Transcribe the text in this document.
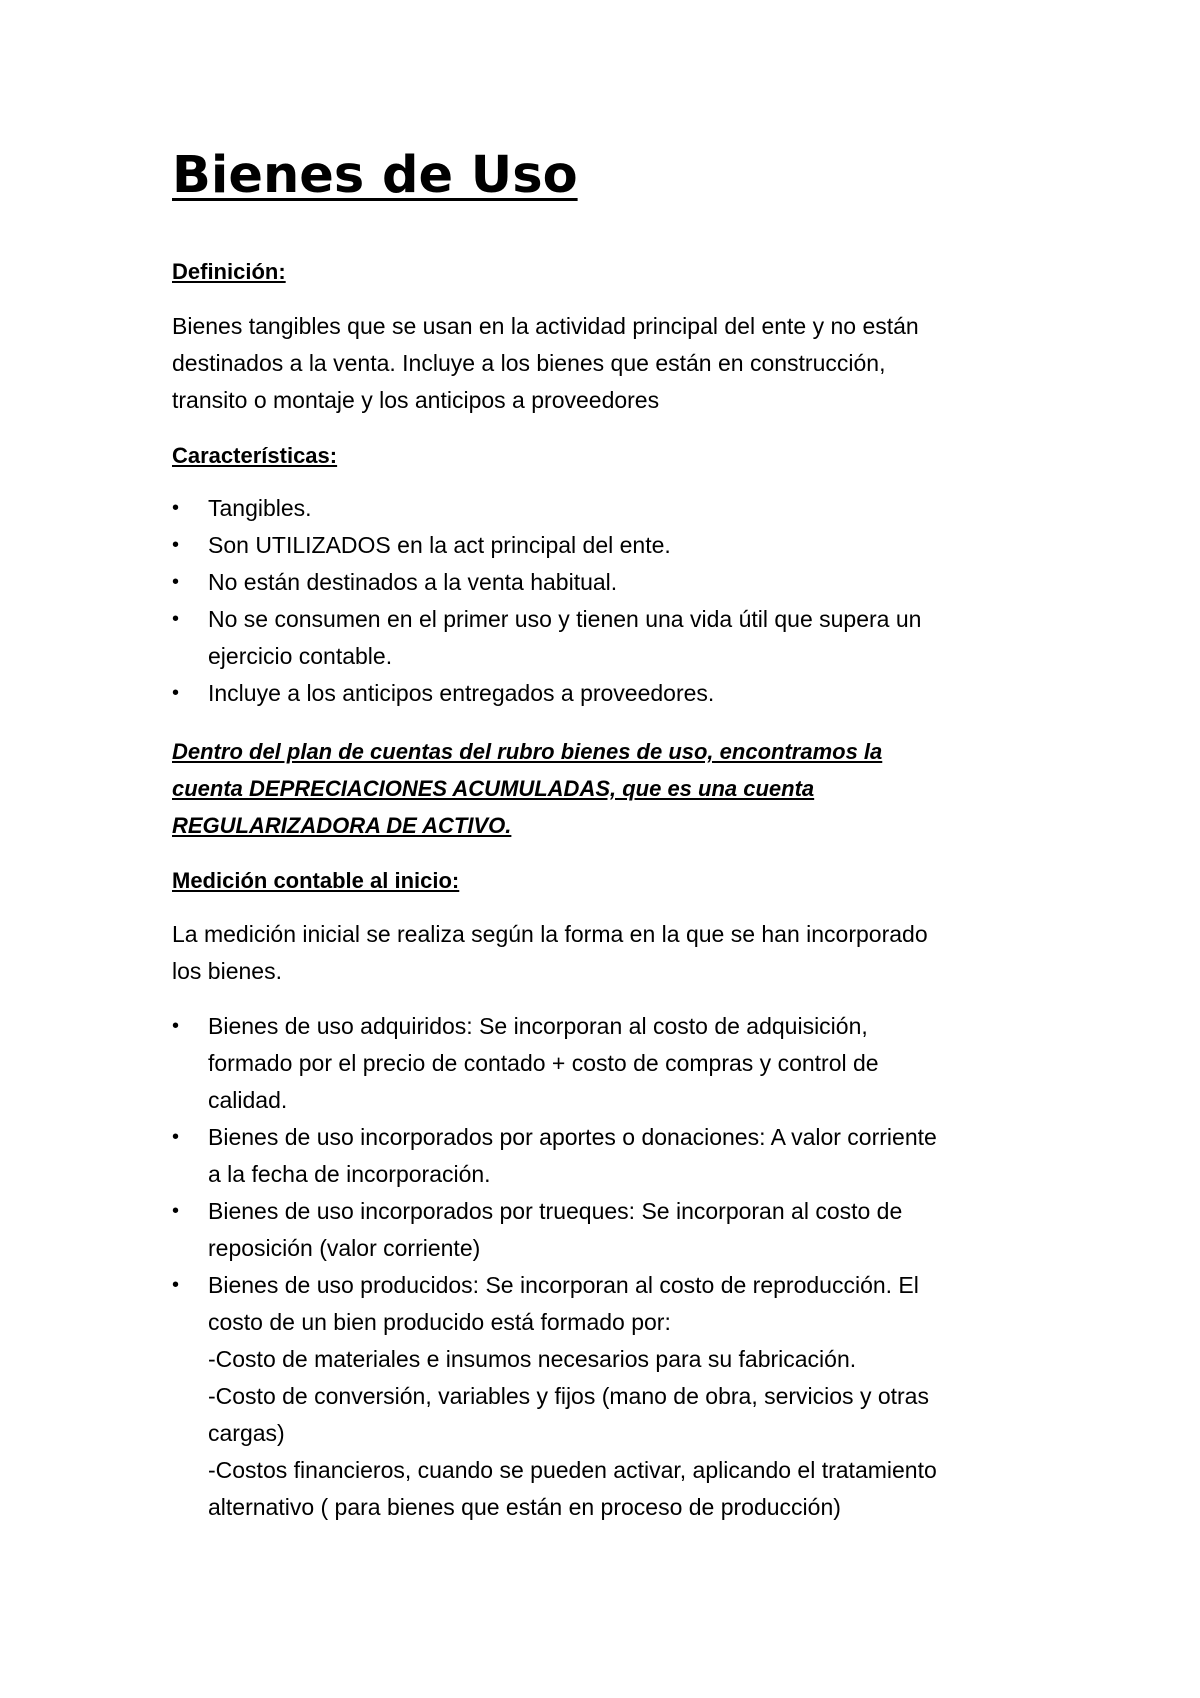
Bienes de Uso
Definición:
Bienes tangibles que se usan en la actividad principal del ente y no están
destinados a la venta. Incluye a los bienes que están en construcción,
transito o montaje y los anticipos a proveedores
Características:
•	Tangibles.
•	Son UTILIZADOS en la act principal del ente.
•	No están destinados a la venta habitual.
•	No se consumen en el primer uso y tienen una vida útil que supera un
ejercicio contable.
•	Incluye a los anticipos entregados a proveedores.
Dentro del plan de cuentas del rubro bienes de uso, encontramos la
cuenta DEPRECIACIONES ACUMULADAS, que es una cuenta
REGULARIZADORA DE ACTIVO.
Medición contable al inicio:
La medición inicial se realiza según la forma en la que se han incorporado
los bienes.
•	Bienes de uso adquiridos: Se incorporan al costo de adquisición,
formado por el precio de contado + costo de compras y control de
calidad.
•	Bienes de uso incorporados por aportes o donaciones: A valor corriente
a la fecha de incorporación.
•	Bienes de uso incorporados por trueques: Se incorporan al costo de
reposición (valor corriente)
•	Bienes de uso producidos: Se incorporan al costo de reproducción. El
costo de un bien producido está formado por:
-Costo de materiales e insumos necesarios para su fabricación.
-Costo de conversión, variables y fijos (mano de obra, servicios y otras
cargas)
-Costos financieros, cuando se pueden activar, aplicando el tratamiento
alternativo ( para bienes que están en proceso de producción)
